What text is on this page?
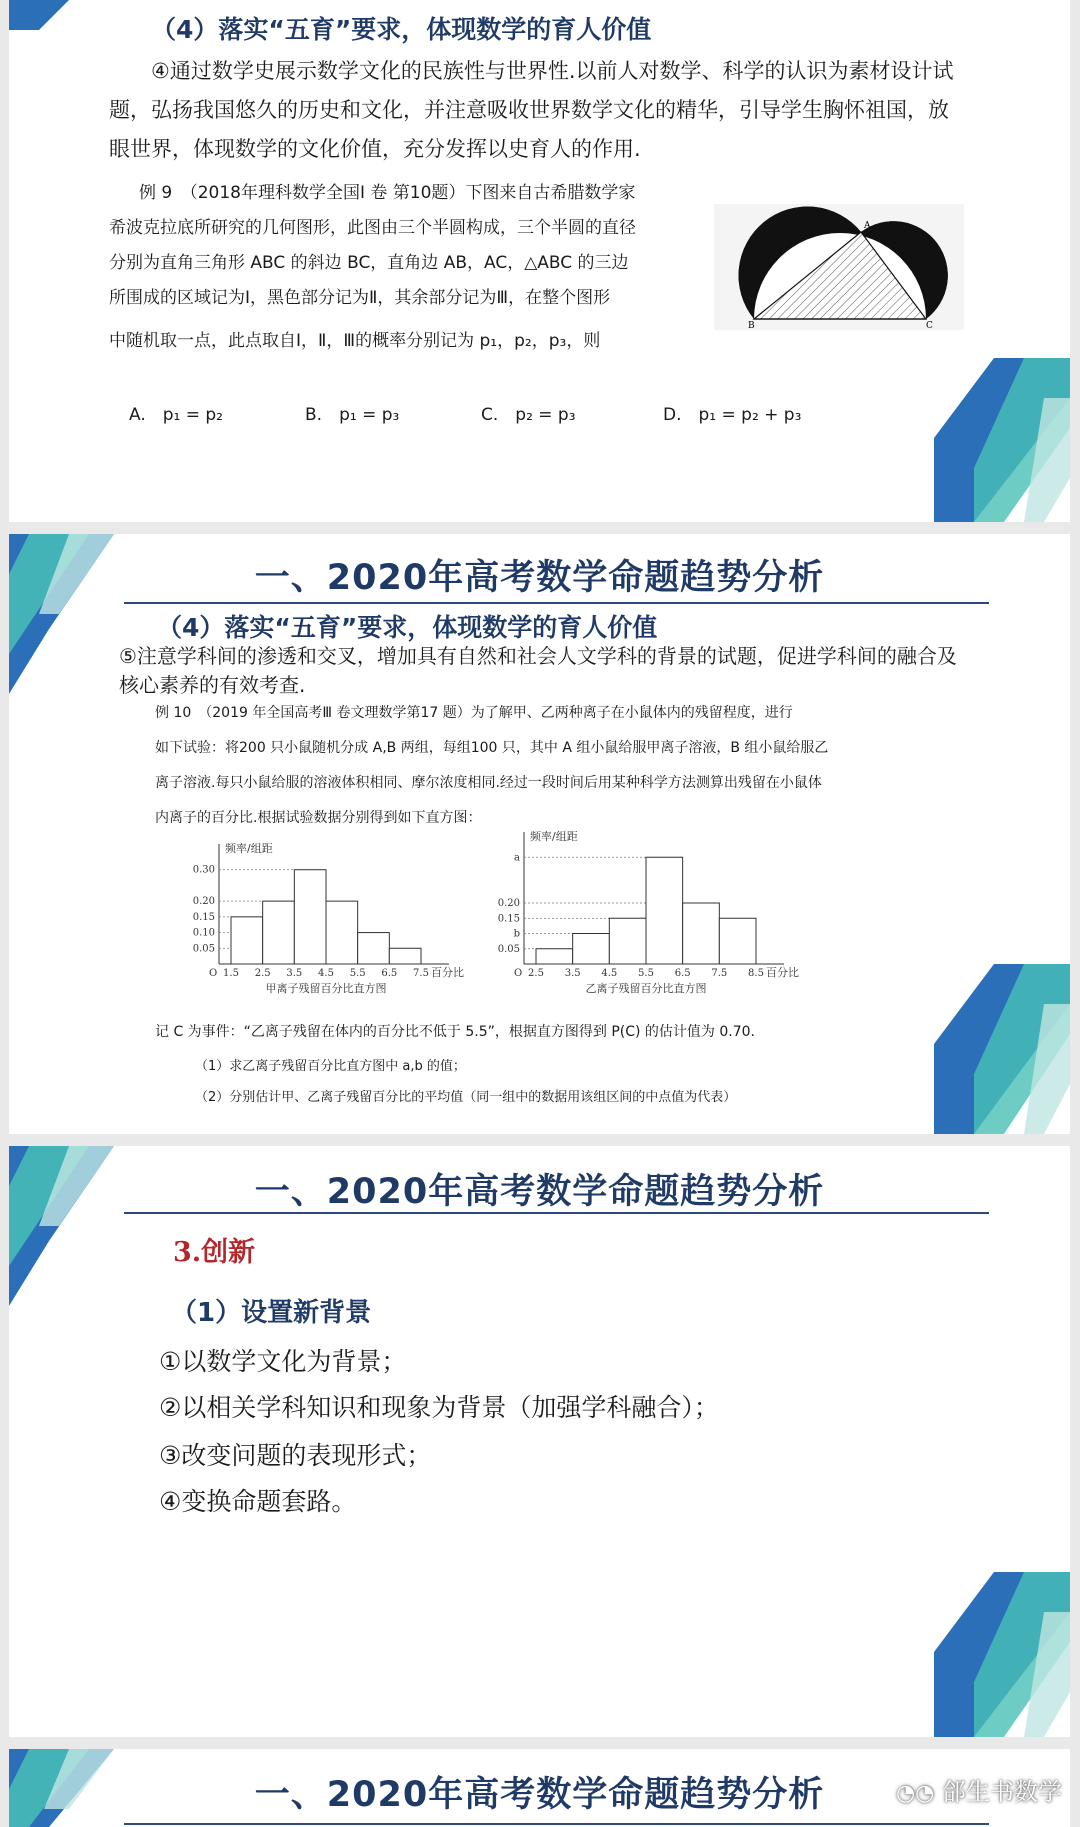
（4）落实“五育”要求，体现数学的育人价值
④通过数学史展示数学文化的民族性与世界性.以前人对数学、科学的认识为素材设计试题，弘扬我国悠久的历史和文化，并注意吸收世界数学文化的精华，引导学生胸怀祖国，放眼世界，体现数学的文化价值，充分发挥以史育人的作用.
例 9　（2018年理科数学全国Ⅰ 卷 第10题）下图来自古希腊数学家
希波克拉底所研究的几何图形，此图由三个半圆构成，三个半圆的直径
分别为直角三角形 ABC 的斜边 BC，直角边 AB，AC，△ABC 的三边
所围成的区域记为Ⅰ，黑色部分记为Ⅱ，其余部分记为Ⅲ，在整个图形
中随机取一点，此点取自Ⅰ，Ⅱ，Ⅲ的概率分别记为 p₁，p₂，p₃，则
A
B	C
A.　p₁ = p₂	B.　p₁ = p₃	C.　p₂ = p₃	D.　p₁ = p₂ + p₃
一、2020年高考数学命题趋势分析
（4）落实“五育”要求，体现数学的育人价值
⑤注意学科间的渗透和交叉，增加具有自然和社会人文学科的背景的试题，促进学科间的融合及核心素养的有效考查.
例 10　（2019 年全国高考Ⅲ 卷文理数学第17 题）为了解甲、乙两种离子在小鼠体内的残留程度，进行
如下试验：将200 只小鼠随机分成 A,B 两组，每组100 只，其中 A 组小鼠给服甲离子溶液，B 组小鼠给服乙
离子溶液.每只小鼠给服的溶液体积相同、摩尔浓度相同.经过一段时间后用某种科学方法测算出残留在小鼠体
内离子的百分比.根据试验数据分别得到如下直方图：
O
频率/组距
百分比
0.30
0.20
0.15
0.10
0.05
1.5 2.5 3.5 4.5 5.5 6.5 7.5
甲离子残留百分比直方图
O
频率/组距
百分比
a
0.20
0.15
b
0.05
2.5 3.5 4.5 5.5 6.5 7.5 8.5
乙离子残留百分比直方图
记 C 为事件：“乙离子残留在体内的百分比不低于 5.5”，根据直方图得到 P(C) 的估计值为 0.70.
（1）求乙离子残留百分比直方图中 a,b 的值；
（2）分别估计甲、乙离子残留百分比的平均值（同一组中的数据用该组区间的中点值为代表）
一、2020年高考数学命题趋势分析
3.创新
（1）设置新背景
①以数学文化为背景；
②以相关学科知识和现象为背景（加强学科融合）；
③改变问题的表现形式；
④变换命题套路。
一、2020年高考数学命题趋势分析	◔◔ 郃生书数学
